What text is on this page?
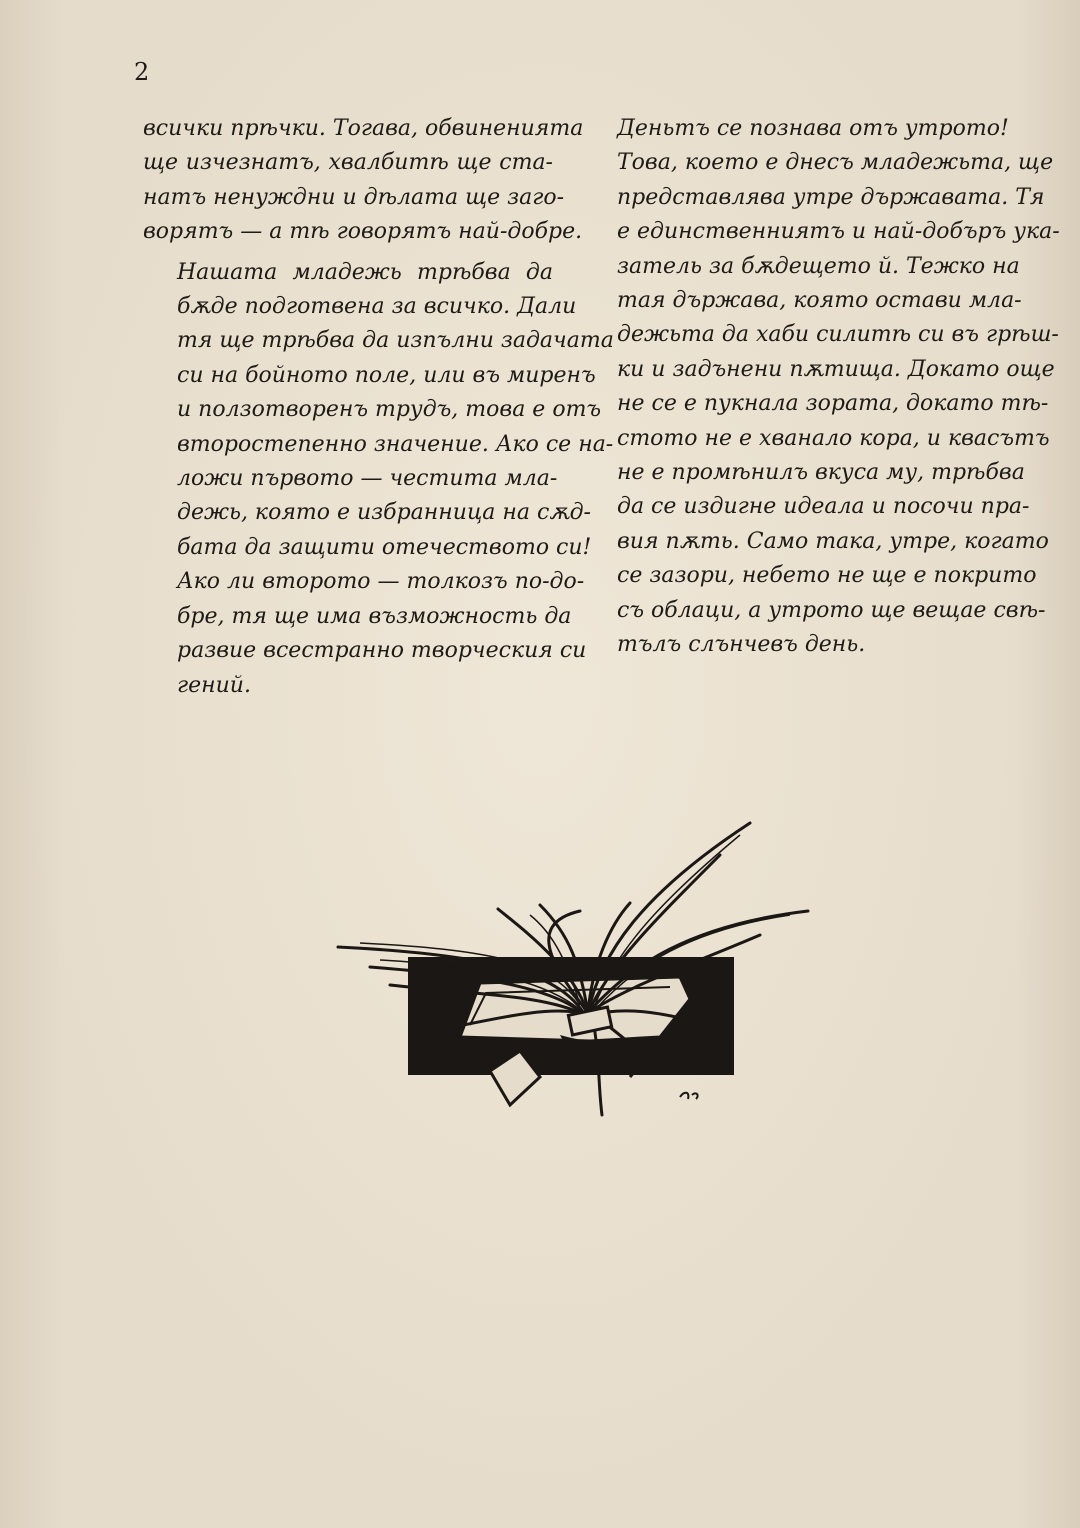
2

всички прѣчки. Тогава, обвиненията
ще изчезнатъ, хвалбитѣ ще ста-
натъ ненуждни и дѣлата ще заго-
ворятъ — а тѣ говорятъ най-добре.

Нашата младежь трѣбва да
бѫде подготвена за всичко. Дали
тя ще трѣбва да изпълни задачата
си на бойното поле, или въ миренъ
и ползотворенъ трудъ, това е отъ
второстепенно значение. Ако се на-
ложи първото — честита мла-
дежь, която е избранница на сѫд-
бата да защити отечеството си!
Ако ли второто — толкозъ по-до-
бре, тя ще има възможность да
развие всестранно творческия си
гений.

Деньтъ се познава отъ утрото!
Това, което е днесъ младежьта, ще
представлява утре държавата. Тя
е единственниятъ и най-добъръ ука-
затель за бѫдещето й. Тежко на
тая държава, която остави мла-
дежьта да хаби силитѣ си въ грѣш-
ки и задънени пѫтища. Докато още
не се е пукнала зората, докато тѣ-
стото не е хванало кора, и квасътъ
не е промѣнилъ вкуса му, трѣбва
да се издигне идеала и посочи пра-
вия пѫть. Само така, утре, когато
се зазори, небето не ще е покрито
съ облаци, а утрото ще вещае свѣ-
тълъ слънчевъ день.
